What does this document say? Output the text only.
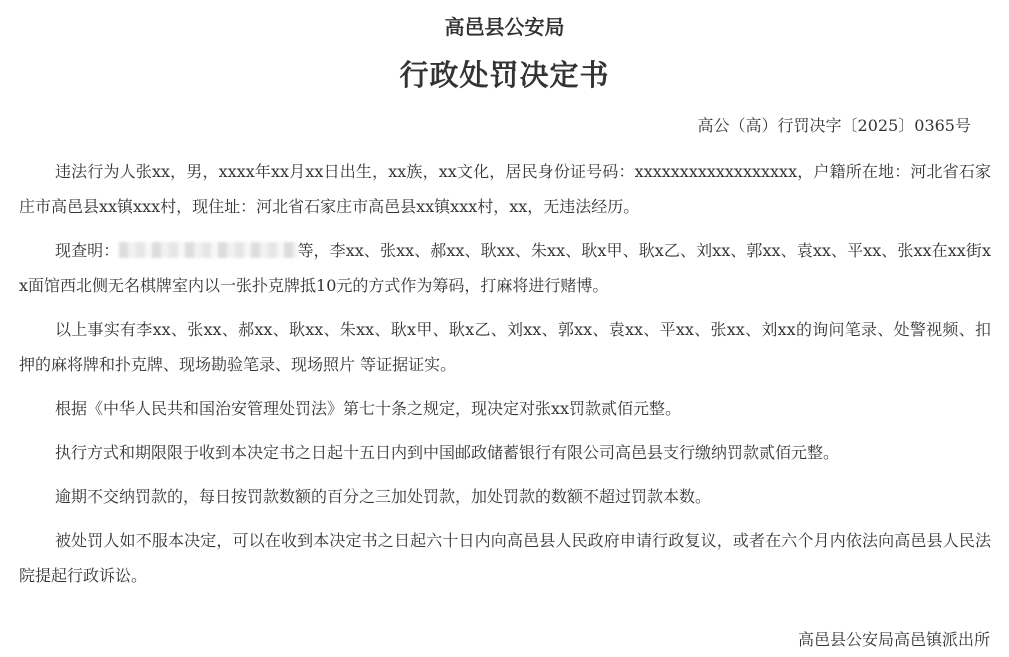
高邑县公安局
行政处罚决定书
高公（高）行罚决字〔2025〕0365号

违法行为人张xx，男，xxxx年xx月xx日出生，xx族，xx文化，居民身份证号码：xxxxxxxxxxxxxxxxxx，户籍所在地：河北省石家庄市高邑县xx镇xxx村，现住址：河北省石家庄市高邑县xx镇xxx村，xx，无违法经历。

现查明：	等，李xx、张xx、郝xx、耿xx、朱xx、耿x甲、耿x乙、刘xx、郭xx、袁xx、平xx、张xx在xx街xx面馆西北侧无名棋牌室内以一张扑克牌抵10元的方式作为筹码，打麻将进行赌博。

以上事实有李xx、张xx、郝xx、耿xx、朱xx、耿x甲、耿x乙、刘xx、郭xx、袁xx、平xx、张xx、刘xx的询问笔录、处警视频、扣押的麻将牌和扑克牌、现场勘验笔录、现场照片 等证据证实。

根据《中华人民共和国治安管理处罚法》第七十条之规定，现决定对张xx罚款贰佰元整。

执行方式和期限限于收到本决定书之日起十五日内到中国邮政储蓄银行有限公司高邑县支行缴纳罚款贰佰元整。

逾期不交纳罚款的，每日按罚款数额的百分之三加处罚款，加处罚款的数额不超过罚款本数。

被处罚人如不服本决定，可以在收到本决定书之日起六十日内向高邑县人民政府申请行政复议，或者在六个月内依法向高邑县人民法院提起行政诉讼。

高邑县公安局高邑镇派出所
